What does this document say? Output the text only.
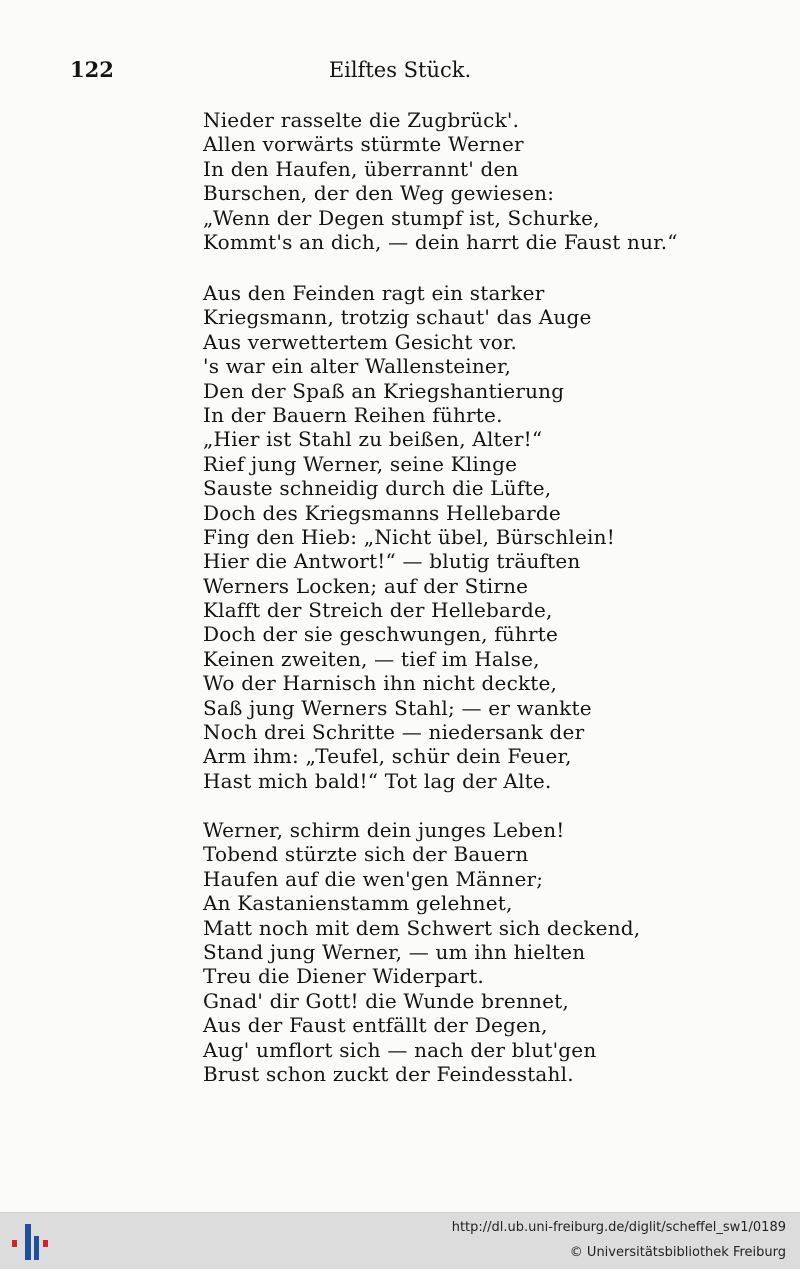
122	Eilftes Stück.
Nieder rasselte die Zugbrück'.
Allen vorwärts stürmte Werner
In den Haufen, überrannt' den
Burschen, der den Weg gewiesen:
„Wenn der Degen stumpf ist, Schurke,
Kommt's an dich, — dein harrt die Faust nur.“
Aus den Feinden ragt ein starker
Kriegsmann, trotzig schaut' das Auge
Aus verwettertem Gesicht vor.
's war ein alter Wallensteiner,
Den der Spaß an Kriegshantierung
In der Bauern Reihen führte.
„Hier ist Stahl zu beißen, Alter!“
Rief jung Werner, seine Klinge
Sauste schneidig durch die Lüfte,
Doch des Kriegsmanns Hellebarde
Fing den Hieb: „Nicht übel, Bürschlein!
Hier die Antwort!“ — blutig träuften
Werners Locken; auf der Stirne
Klafft der Streich der Hellebarde,
Doch der sie geschwungen, führte
Keinen zweiten, — tief im Halse,
Wo der Harnisch ihn nicht deckte,
Saß jung Werners Stahl; — er wankte
Noch drei Schritte — niedersank der
Arm ihm: „Teufel, schür dein Feuer,
Hast mich bald!“ Tot lag der Alte.
Werner, schirm dein junges Leben!
Tobend stürzte sich der Bauern
Haufen auf die wen'gen Männer;
An Kastanienstamm gelehnet,
Matt noch mit dem Schwert sich deckend,
Stand jung Werner, — um ihn hielten
Treu die Diener Widerpart.
Gnad' dir Gott! die Wunde brennet,
Aus der Faust entfällt der Degen,
Aug' umflort sich — nach der blut'gen
Brust schon zuckt der Feindesstahl.
http://dl.ub.uni-freiburg.de/diglit/scheffel_sw1/0189
© Universitätsbibliothek Freiburg
